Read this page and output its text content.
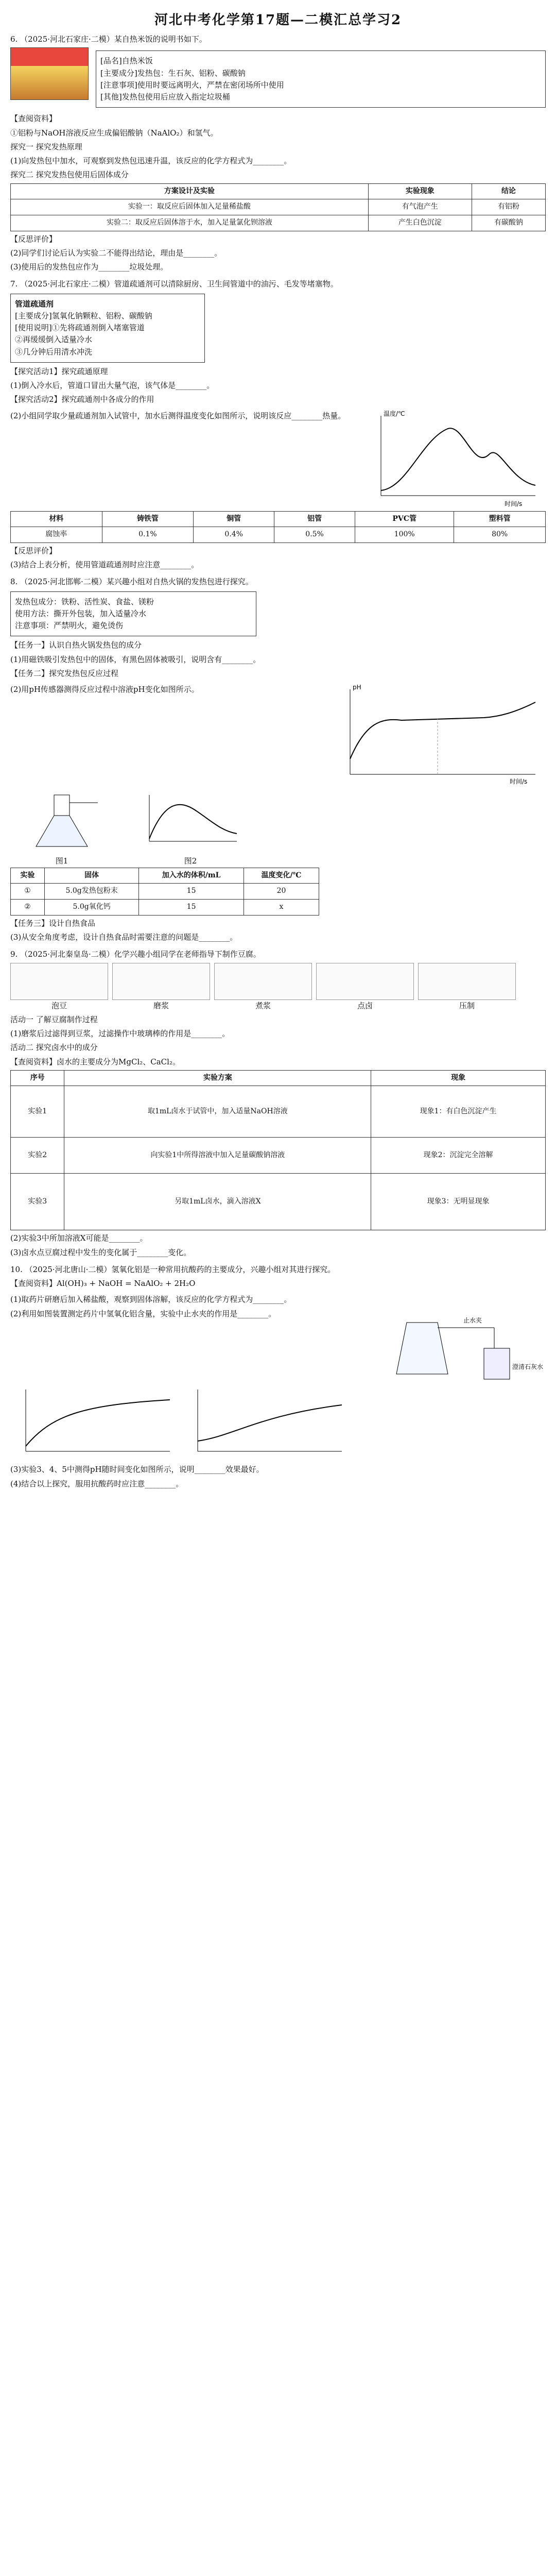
河北中考化学第17题—二模汇总学习2

6. （2025·河北石家庄·二模）某自热米饭的说明书如下。

[品名]自热米饭
[主要成分]发热包：生石灰、铝粉、碳酸钠
[注意事项]使用时要远离明火，严禁在密闭场所中使用
[其他]发热包使用后应放入指定垃圾桶

【查阅资料】

①铝粉与NaOH溶液反应生成偏铝酸钠（NaAlO₂）和氢气。

探究一 探究发热原理

(1)向发热包中加水，可观察到发热包迅速升温，该反应的化学方程式为________。

探究二 探究发热包使用后固体成分

方案设计及实验	实验现象	结论
实验一：取反应后固体加入足量稀盐酸	有气泡产生	有铝粉
实验二：取反应后固体溶于水，加入足量氯化钡溶液	产生白色沉淀	有碳酸钠

【反思评价】

(2)同学们讨论后认为实验二不能得出结论，理由是________。

(3)使用后的发热包应作为________垃圾处理。

7. （2025·河北石家庄·二模）管道疏通剂可以清除厨房、卫生间管道中的油污、毛发等堵塞物。

管道疏通剂
[主要成分]氢氧化钠颗粒、铝粉、碳酸钠
[使用说明]①先将疏通剂倒入堵塞管道
②再缓缓倒入适量冷水
③几分钟后用清水冲洗

【探究活动1】探究疏通原理

(1)倒入冷水后，管道口冒出大量气泡，该气体是________。

【探究活动2】探究疏通剂中各成分的作用

(2)小组同学取少量疏通剂加入试管中，加水后测得温度变化如图所示，说明该反应________热量。	温度/℃
时间/s
材料	铸铁管	铜管	铝管	PVC管	塑料管
腐蚀率	0.1%	0.4%	0.5%	100%	80%

【反思评价】

(3)结合上表分析，使用管道疏通剂时应注意________。

8. （2025·河北邯郸·二模）某兴趣小组对自热火锅的发热包进行探究。

发热包成分：铁粉、活性炭、食盐、镁粉
使用方法：撕开外包装，加入适量冷水
注意事项：严禁明火，避免烫伤

【任务一】认识自热火锅发热包的成分

(1)用磁铁吸引发热包中的固体，有黑色固体被吸引，说明含有________。

【任务二】探究发热包反应过程

(2)用pH传感器测得反应过程中溶液pH变化如图所示。	pH
时间/s
图1	图2
实验	固体	加入水的体积/mL	温度变化/℃
①	5.0g发热包粉末	15	20
②	5.0g氧化钙	15	x

【任务三】设计自热食品

(3)从安全角度考虑，设计自热食品时需要注意的问题是________。

9. （2025·河北秦皇岛·二模）化学兴趣小组同学在老师指导下制作豆腐。

泡豆	磨浆	煮浆	点卤	压制

活动一 了解豆腐制作过程

(1)磨浆后过滤得到豆浆，过滤操作中玻璃棒的作用是________。

活动二 探究卤水中的成分

【查阅资料】卤水的主要成分为MgCl₂、CaCl₂。

序号	实验方案	现象
实验1	取1mL卤水于试管中，加入适量NaOH溶液	现象1：有白色沉淀产生
实验2	向实验1中所得溶液中加入足量碳酸钠溶液	现象2：沉淀完全溶解
实验3	另取1mL卤水，滴入溶液X	现象3：无明显现象

(2)实验3中所加溶液X可能是________。

(3)卤水点豆腐过程中发生的变化属于________变化。

10. （2025·河北唐山·二模）氢氧化铝是一种常用抗酸药的主要成分，兴趣小组对其进行探究。

【查阅资料】Al(OH)₃ + NaOH = NaAlO₂ + 2H₂O

(1)取药片研磨后加入稀盐酸，观察到固体溶解，该反应的化学方程式为________。

(2)利用如图装置测定药片中氢氧化铝含量，实验中止水夹的作用是________。

止水夹
澄清石灰水

(3)实验3、4、5中测得pH随时间变化如图所示，说明________效果最好。

(4)结合以上探究，服用抗酸药时应注意________。
